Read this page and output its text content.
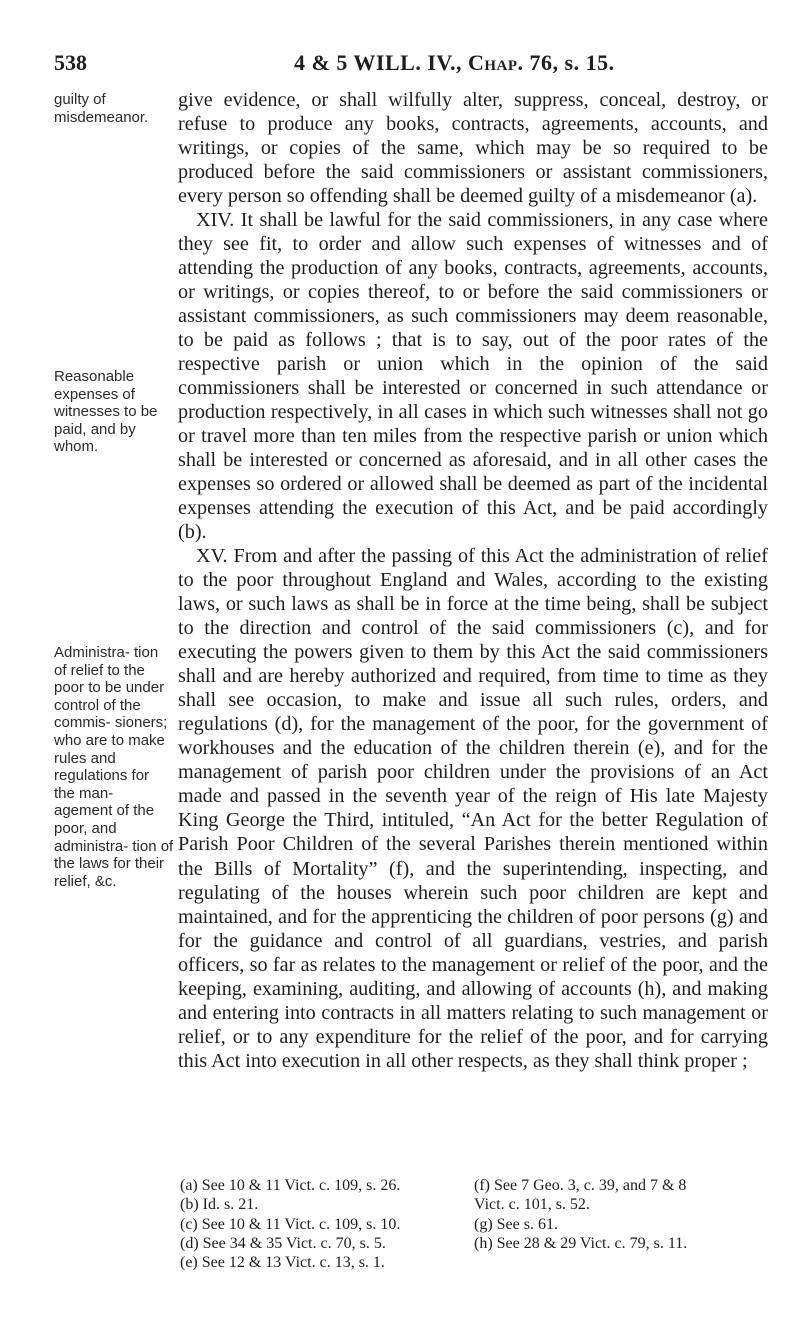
538	4 & 5 WILL. IV., Chap. 76, s. 15.
guilty of misdemeanor.
Reasonable expenses of witnesses to be paid, and by whom.
Administra- tion of relief to the poor to be under control of the commis- sioners; who are to make rules and regulations for the man- agement of the poor, and administra- tion of the laws for their relief, &c.

give evidence, or shall wilfully alter, suppress, conceal, destroy, or refuse to produce any books, contracts, agreements, accounts, and writings, or copies of the same, which may be so required to be produced before the said commissioners or assistant commissioners, every person so offending shall be deemed guilty of a misdemeanor (a).

XIV. It shall be lawful for the said commissioners, in any case where they see fit, to order and allow such expenses of witnesses and of attending the production of any books, contracts, agreements, accounts, or writings, or copies thereof, to or before the said commissioners or assistant commissioners, as such commissioners may deem reasonable, to be paid as follows ; that is to say, out of the poor rates of the respective parish or union which in the opinion of the said commissioners shall be interested or concerned in such attendance or production respectively, in all cases in which such witnesses shall not go or travel more than ten miles from the respective parish or union which shall be interested or concerned as aforesaid, and in all other cases the expenses so ordered or allowed shall be deemed as part of the incidental expenses attending the execution of this Act, and be paid accordingly (b).

XV. From and after the passing of this Act the administration of relief to the poor throughout England and Wales, according to the existing laws, or such laws as shall be in force at the time being, shall be subject to the direction and control of the said commissioners (c), and for executing the powers given to them by this Act the said commissioners shall and are hereby authorized and required, from time to time as they shall see occasion, to make and issue all such rules, orders, and regulations (d), for the management of the poor, for the government of workhouses and the education of the children therein (e), and for the management of parish poor children under the provisions of an Act made and passed in the seventh year of the reign of His late Majesty King George the Third, intituled, “An Act for the better Regulation of Parish Poor Children of the several Parishes therein mentioned within the Bills of Mortality” (f), and the superintending, inspecting, and regulating of the houses wherein such poor children are kept and maintained, and for the apprenticing the children of poor persons (g) and for the guidance and control of all guardians, vestries, and parish officers, so far as relates to the management or relief of the poor, and the keeping, examining, auditing, and allowing of accounts (h), and making and entering into contracts in all matters relating to such management or relief, or to any expenditure for the relief of the poor, and for carrying this Act into execution in all other respects, as they shall think proper ;

(a) See 10 & 11 Vict. c. 109, s. 26.	(f) See 7 Geo. 3, c. 39, and 7 & 8
(b) Id. s. 21.	Vict. c. 101, s. 52.
(c) See 10 & 11 Vict. c. 109, s. 10.	(g) See s. 61.
(d) See 34 & 35 Vict. c. 70, s. 5.	(h) See 28 & 29 Vict. c. 79, s. 11.
(e) See 12 & 13 Vict. c. 13, s. 1.
